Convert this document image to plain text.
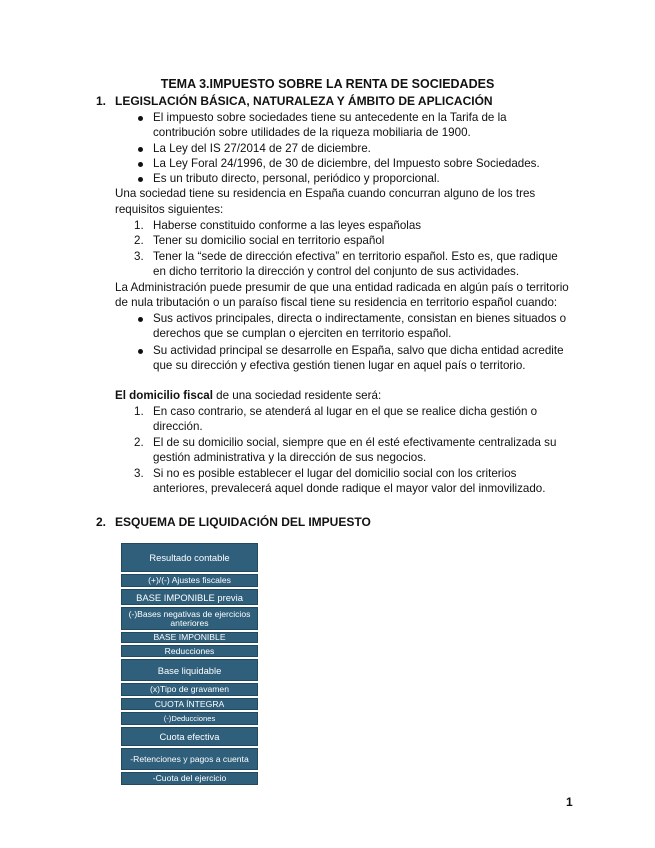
TEMA 3.IMPUESTO SOBRE LA RENTA DE SOCIEDADES
1. LEGISLACIÓN BÁSICA, NATURALEZA Y ÁMBITO DE APLICACIÓN
El impuesto sobre sociedades tiene su antecedente en la Tarifa de la
contribución sobre utilidades de la riqueza mobiliaria de 1900.
La Ley del IS 27/2014 de 27 de diciembre.
La Ley Foral 24/1996, de 30 de diciembre, del Impuesto sobre Sociedades.
Es un tributo directo, personal, periódico y proporcional.
Una sociedad tiene su residencia en España cuando concurran alguno de los tres
requisitos siguientes:
1. Haberse constituido conforme a las leyes españolas
2. Tener su domicilio social en territorio español
3. Tener la “sede de dirección efectiva” en territorio español. Esto es, que radique
en dicho territorio la dirección y control del conjunto de sus actividades.
La Administración puede presumir de que una entidad radicada en algún país o territorio
de nula tributación o un paraíso fiscal tiene su residencia en territorio español cuando:
Sus activos principales, directa o indirectamente, consistan en bienes situados o
derechos que se cumplan o ejerciten en territorio español.
Su actividad principal se desarrolle en España, salvo que dicha entidad acredite
que su dirección y efectiva gestión tienen lugar en aquel país o territorio.
El domicilio fiscal de una sociedad residente será:
1. En caso contrario, se atenderá al lugar en el que se realice dicha gestión o
dirección.
2. El de su domicilio social, siempre que en él esté efectivamente centralizada su
gestión administrativa y la dirección de sus negocios.
3. Si no es posible establecer el lugar del domicilio social con los criterios
anteriores, prevalecerá aquel donde radique el mayor valor del inmovilizado.
2. ESQUEMA DE LIQUIDACIÓN DEL IMPUESTO
Resultado contable
(+)/(-) Ajustes fiscales
BASE IMPONIBLE previa
(-)Bases negativas de ejercicios anteriores
BASE IMPONIBLE
Reducciones
Base liquidable
(x)Tipo de gravamen
CUOTA ÍNTEGRA
(-)Deducciones
Cuota efectiva
-Retenciones y pagos a cuenta
-Cuota del ejercicio
1
